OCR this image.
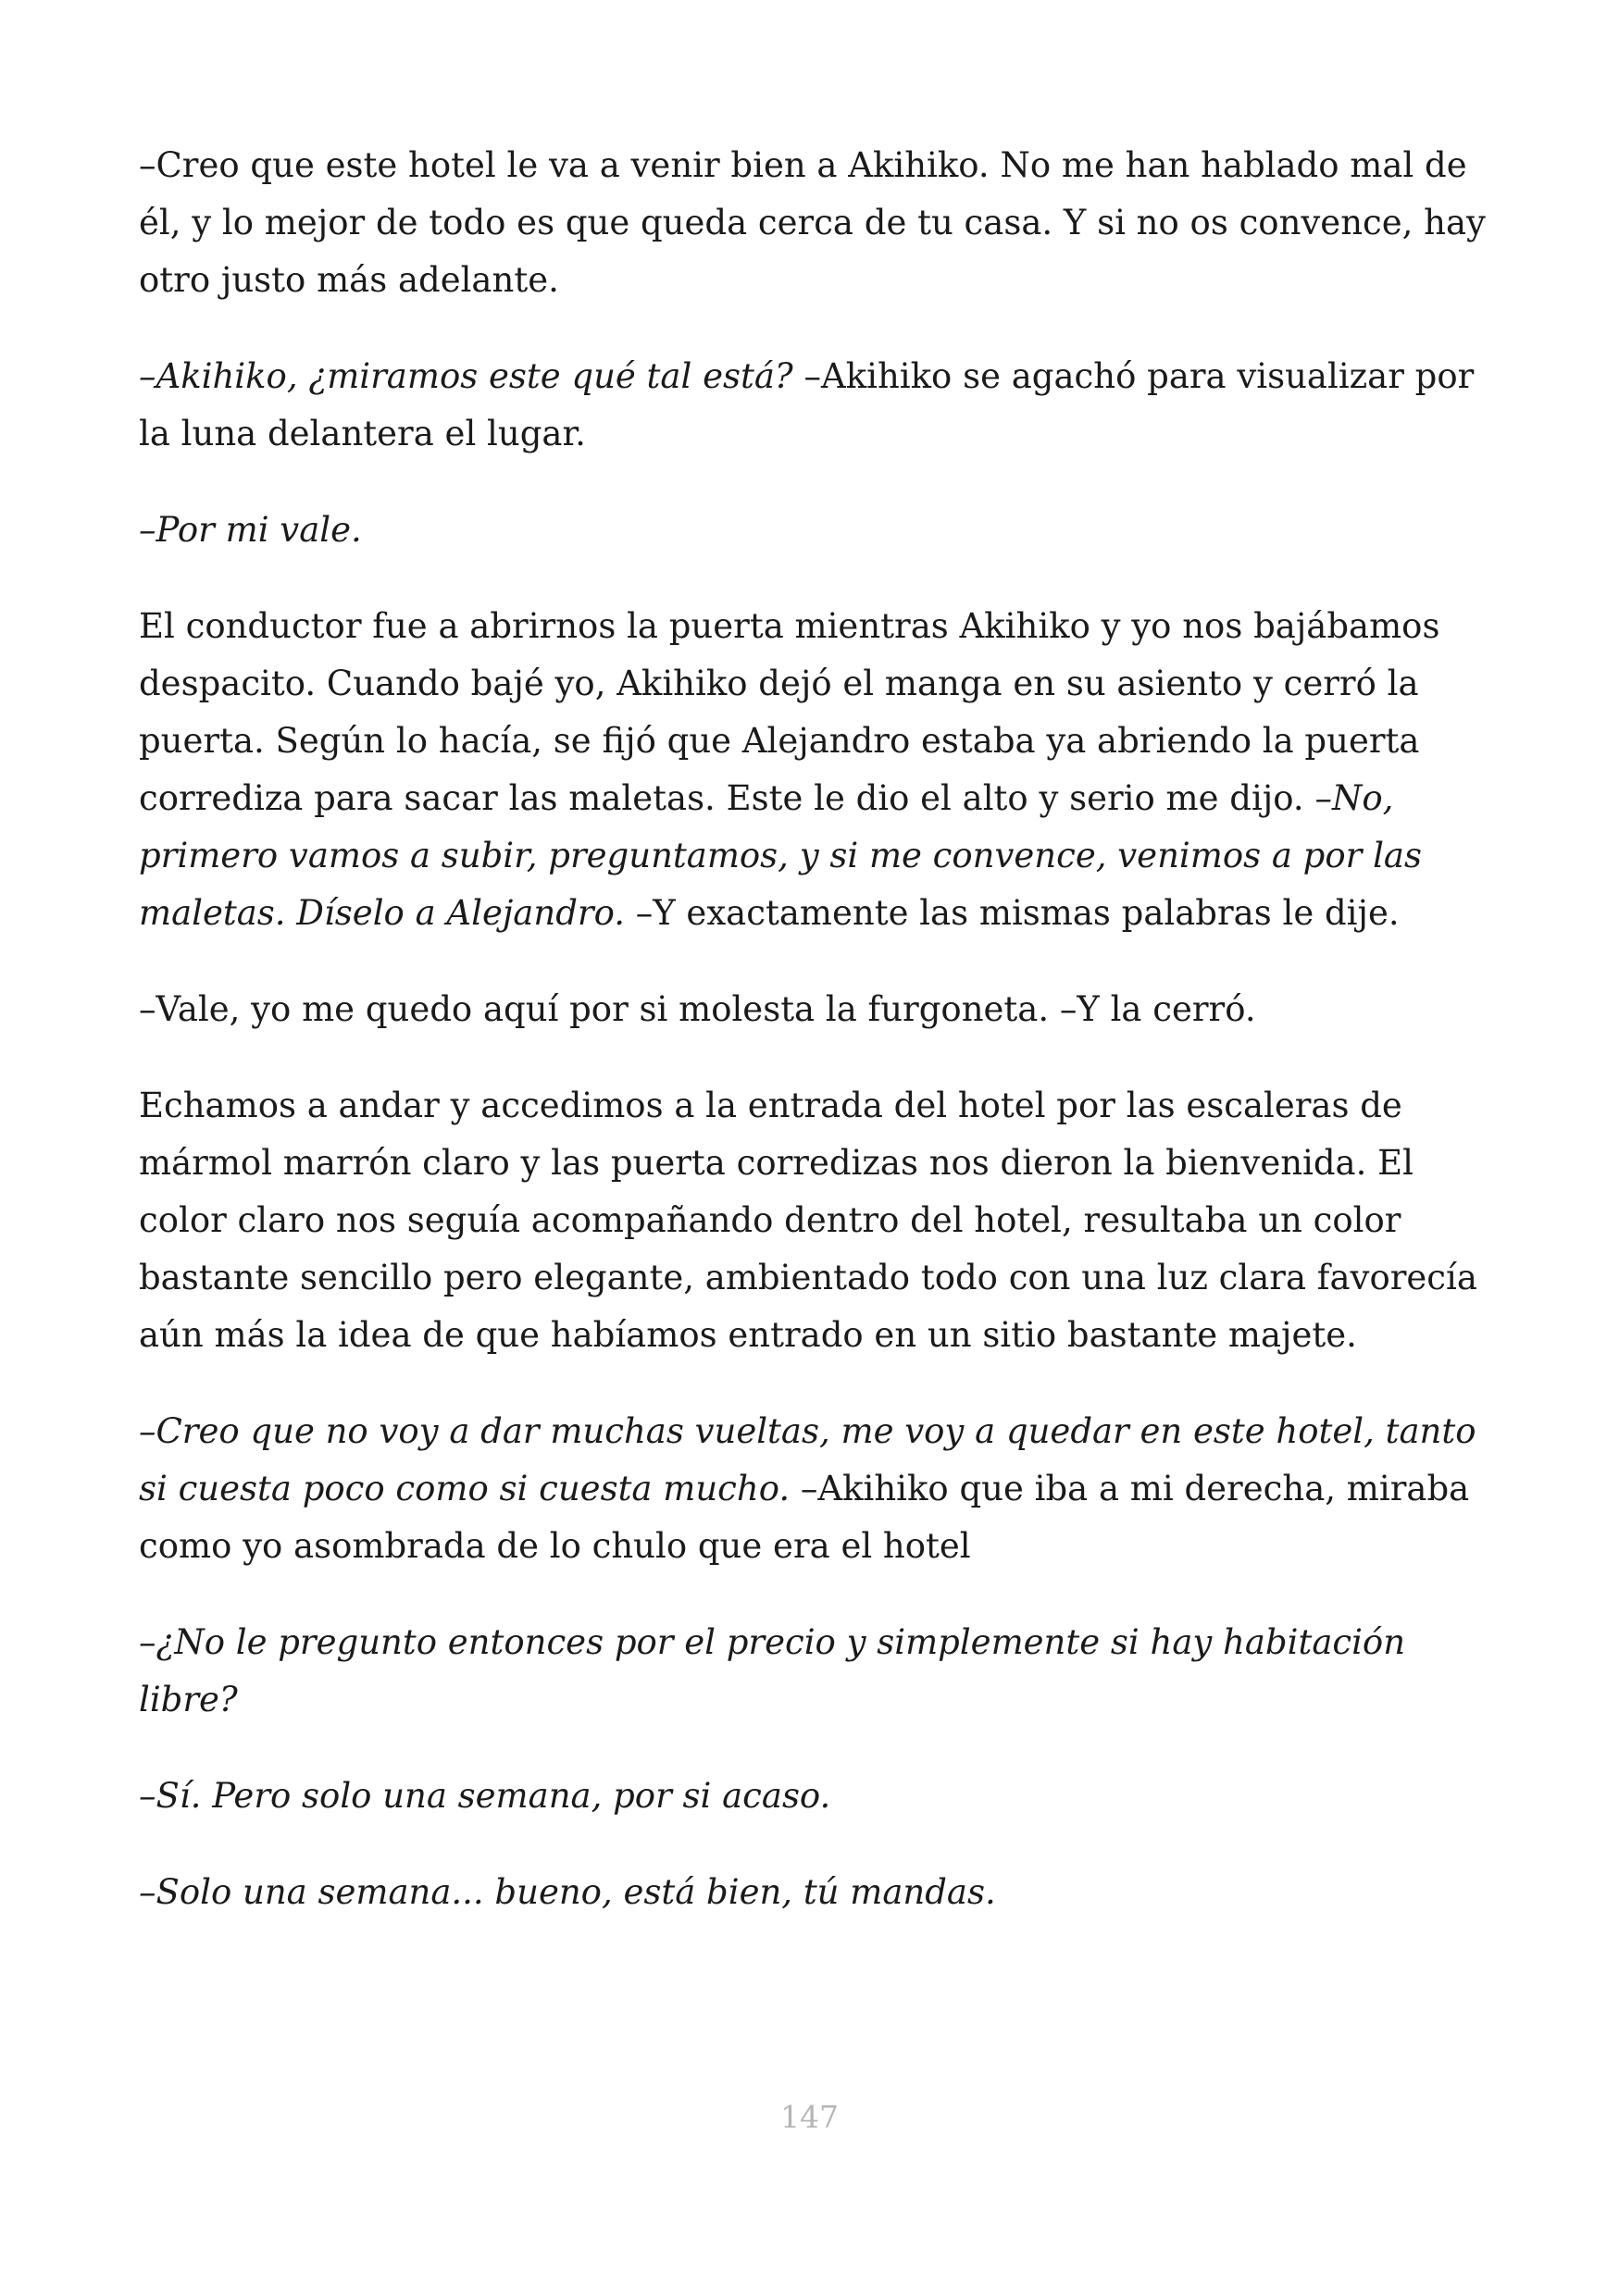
–Creo que este hotel le va a venir bien a Akihiko. No me han hablado mal de él, y lo mejor de todo es que queda cerca de tu casa. Y si no os convence, hay otro justo más adelante.

–Akihiko, ¿miramos este qué tal está? –Akihiko se agachó para visualizar por la luna delantera el lugar.

–Por mi vale.

El conductor fue a abrirnos la puerta mientras Akihiko y yo nos bajábamos despacito. Cuando bajé yo, Akihiko dejó el manga en su asiento y cerró la puerta. Según lo hacía, se fijó que Alejandro estaba ya abriendo la puerta corrediza para sacar las maletas. Este le dio el alto y serio me dijo. –No, primero vamos a subir, preguntamos, y si me convence, venimos a por las maletas. Díselo a Alejandro. –Y exactamente las mismas palabras le dije.

–Vale, yo me quedo aquí por si molesta la furgoneta. –Y la cerró.

Echamos a andar y accedimos a la entrada del hotel por las escaleras de mármol marrón claro y las puerta corredizas nos dieron la bienvenida. El color claro nos seguía acompañando dentro del hotel, resultaba un color bastante sencillo pero elegante, ambientado todo con una luz clara favorecía aún más la idea de que habíamos entrado en un sitio bastante majete.

–Creo que no voy a dar muchas vueltas, me voy a quedar en este hotel, tanto si cuesta poco como si cuesta mucho. –Akihiko que iba a mi derecha, miraba como yo asombrada de lo chulo que era el hotel

–¿No le pregunto entonces por el precio y simplemente si hay habitación libre?

–Sí. Pero solo una semana, por si acaso.

–Solo una semana... bueno, está bien, tú mandas.

147
